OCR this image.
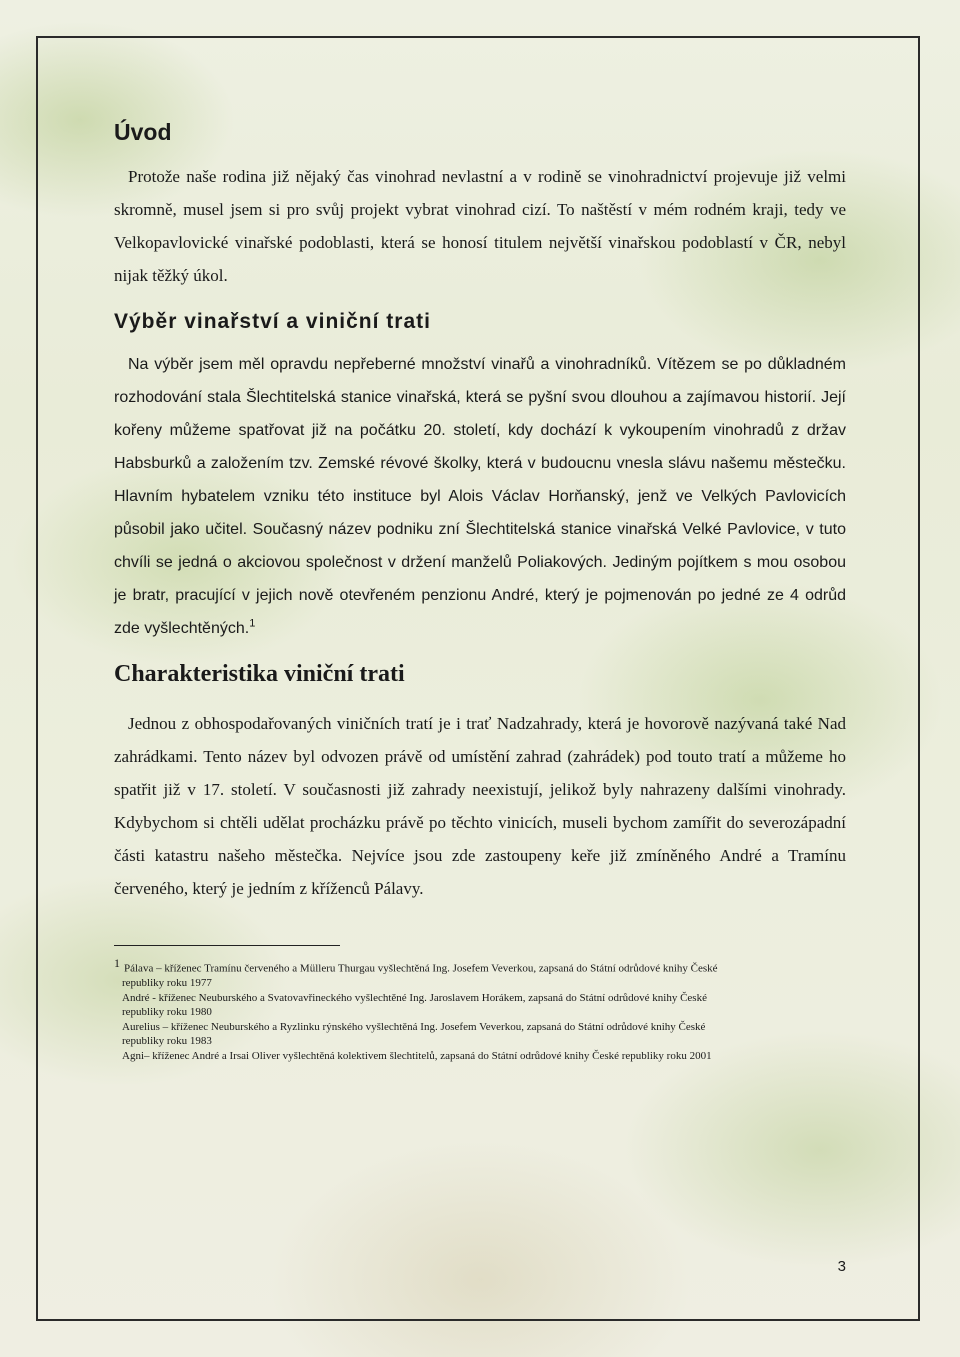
Úvod

Protože naše rodina již nějaký čas vinohrad nevlastní a v rodině se vinohradnictví projevuje již velmi skromně, musel jsem si pro svůj projekt vybrat vinohrad cizí. To naštěstí v mém rodném kraji, tedy ve Velkopavlovické vinařské podoblasti, která se honosí titulem největší vinařskou podoblastí v ČR, nebyl nijak těžký úkol.

Výběr vinařství a viniční trati

Na výběr jsem měl opravdu nepřeberné množství vinařů a vinohradníků. Vítězem se po důkladném rozhodování stala Šlechtitelská stanice vinařská, která se pyšní svou dlouhou a zajímavou historií. Její kořeny můžeme spatřovat již na počátku 20. století, kdy dochází k vykoupením vinohradů z držav Habsburků a založením tzv. Zemské révové školky, která v budoucnu vnesla slávu našemu městečku. Hlavním hybatelem vzniku této instituce byl Alois Václav Horňanský, jenž ve Velkých Pavlovicích působil jako učitel. Současný název podniku zní Šlechtitelská stanice vinařská Velké Pavlovice, v tuto chvíli se jedná o akciovou společnost v držení manželů Poliakových. Jediným pojítkem s mou osobou je bratr, pracující v jejich nově otevřeném penzionu André, který je pojmenován po jedné ze 4 odrůd zde vyšlechtěných.$^1$

Charakteristika viniční trati

Jednou z obhospodařovaných viničních tratí je i trať Nadzahrady, která je hovorově nazývaná také Nad zahrádkami. Tento název byl odvozen právě od umístění zahrad (zahrádek) pod touto tratí a můžeme ho spatřit již v 17. století. V současnosti již zahrady neexistují, jelikož byly nahrazeny dalšími vinohrady. Kdybychom si chtěli udělat procházku právě po těchto vinicích, museli bychom zamířit do severozápadní části katastru našeho městečka. Nejvíce jsou zde zastoupeny keře již zmíněného André a Tramínu červeného, který je jedním z kříženců Pálavy.

1 Pálava – kříženec Tramínu červeného a Mülleru Thurgau vyšlechtěná Ing. Josefem Veverkou, zapsaná do Státní odrůdové knihy České
republiky roku 1977
André - kříženec Neuburského a Svatovavřineckého vyšlechtěné Ing. Jaroslavem Horákem, zapsaná do Státní odrůdové knihy České
republiky roku 1980
Aurelius – kříženec Neuburského a Ryzlinku rýnského vyšlechtěná Ing. Josefem Veverkou, zapsaná do Státní odrůdové knihy České
republiky roku 1983
Agni– kříženec André a Irsai Oliver vyšlechtěná kolektivem šlechtitelů, zapsaná do Státní odrůdové knihy České republiky roku 2001
3
